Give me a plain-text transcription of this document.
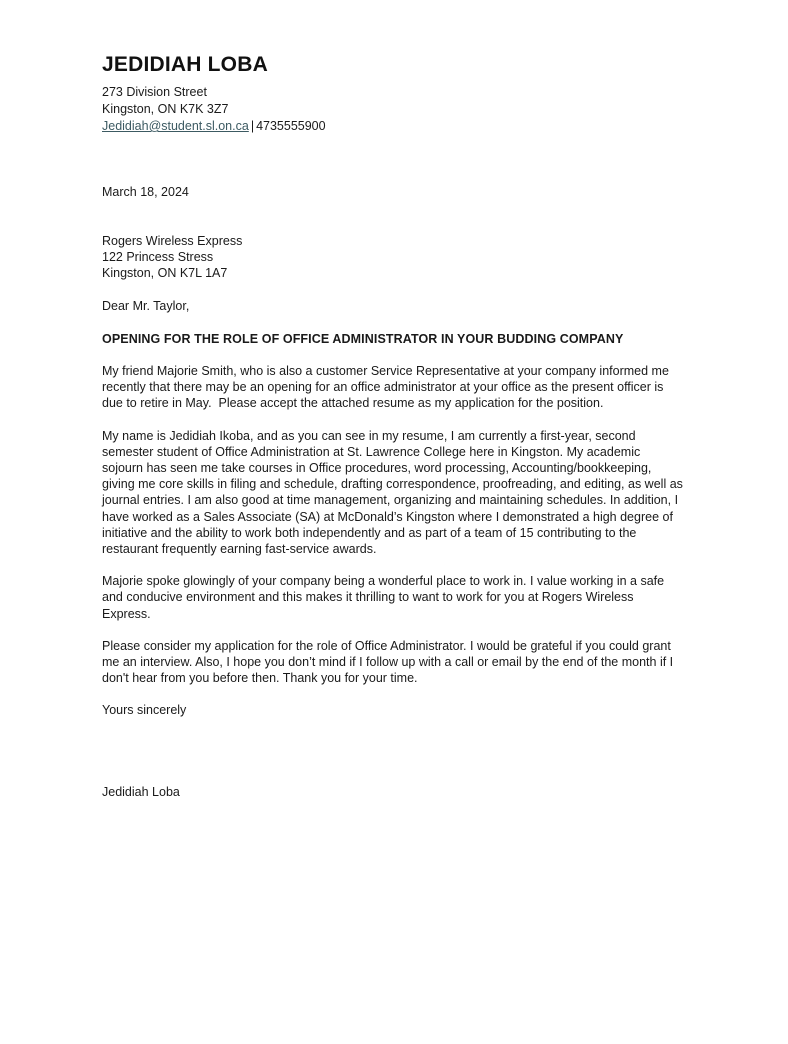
JEDIDIAH LOBA
273 Division Street
Kingston, ON K7K 3Z7
Jedidiah@student.sl.on.ca | 4735555900
March 18, 2024
Rogers Wireless Express
122 Princess Stress
Kingston, ON K7L 1A7
Dear Mr. Taylor,
OPENING FOR THE ROLE OF OFFICE ADMINISTRATOR IN YOUR BUDDING COMPANY

My friend Majorie Smith, who is also a customer Service Representative at your company informed me recently that there may be an opening for an office administrator at your office as the present officer is due to retire in May.  Please accept the attached resume as my application for the position.

My name is Jedidiah Ikoba, and as you can see in my resume, I am currently a first-year, second semester student of Office Administration at St. Lawrence College here in Kingston. My academic sojourn has seen me take courses in Office procedures, word processing, Accounting/bookkeeping, giving me core skills in filing and schedule, drafting correspondence, proofreading, and editing, as well as journal entries. I am also good at time management, organizing and maintaining schedules. In addition, I have worked as a Sales Associate (SA) at McDonald’s Kingston where I demonstrated a high degree of initiative and the ability to work both independently and as part of a team of 15 contributing to the restaurant frequently earning fast-service awards.

Majorie spoke glowingly of your company being a wonderful place to work in. I value working in a safe and conducive environment and this makes it thrilling to want to work for you at Rogers Wireless Express.

Please consider my application for the role of Office Administrator. I would be grateful if you could grant me an interview. Also, I hope you don’t mind if I follow up with a call or email by the end of the month if I don't hear from you before then. Thank you for your time.

Yours sincerely
Jedidiah Loba
